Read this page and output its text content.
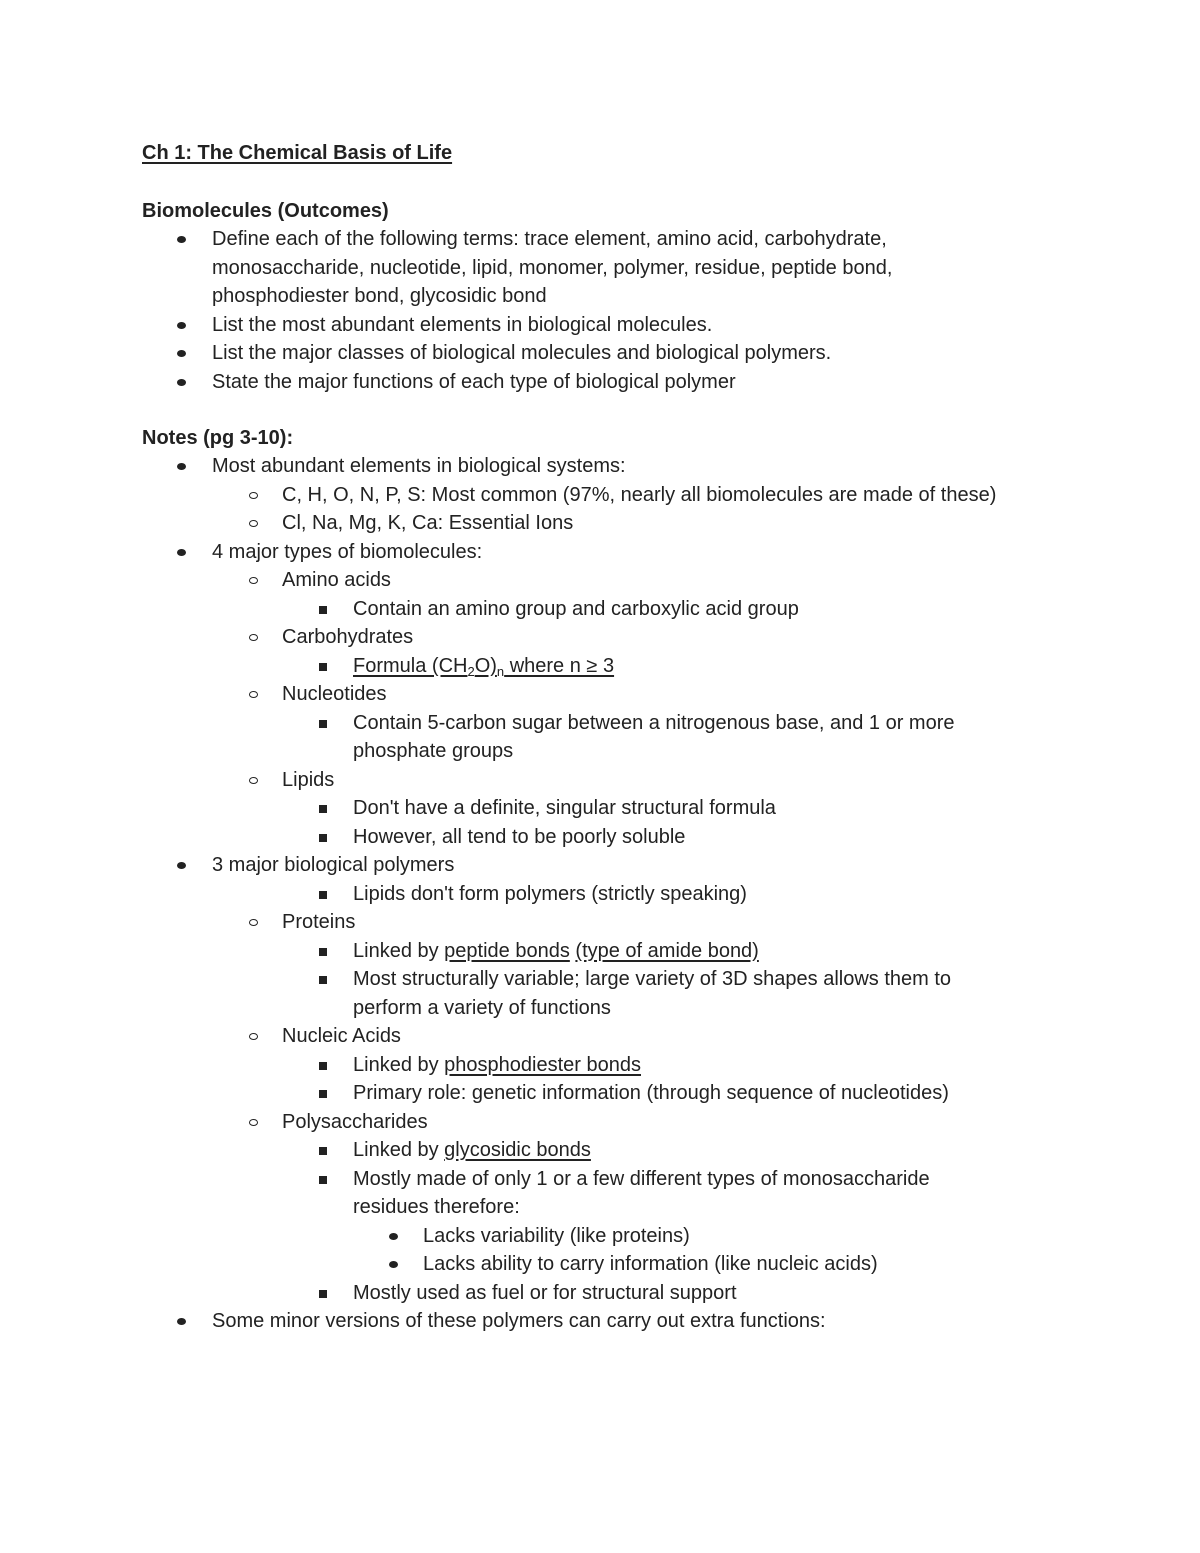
Ch 1: The Chemical Basis of Life
Biomolecules (Outcomes)
Define each of the following terms: trace element, amino acid, carbohydrate,
monosaccharide, nucleotide, lipid, monomer, polymer, residue, peptide bond,
phosphodiester bond, glycosidic bond
List the most abundant elements in biological molecules.
List the major classes of biological molecules and biological polymers.
State the major functions of each type of biological polymer
Notes (pg 3-10):
Most abundant elements in biological systems:
C, H, O, N, P, S: Most common (97%, nearly all biomolecules are made of these)
Cl, Na, Mg, K, Ca: Essential Ions
4 major types of biomolecules:
Amino acids
Contain an amino group and carboxylic acid group
Carbohydrates
Formula $(CH_2O)_n$ where n ≥ 3
Nucleotides
Contain 5-carbon sugar between a nitrogenous base, and 1 or more
phosphate groups
Lipids
Don't have a definite, singular structural formula
However, all tend to be poorly soluble
3 major biological polymers
Lipids don't form polymers (strictly speaking)
Proteins
Linked by peptide bonds (type of amide bond)
Most structurally variable; large variety of 3D shapes allows them to
perform a variety of functions
Nucleic Acids
Linked by phosphodiester bonds
Primary role: genetic information (through sequence of nucleotides)
Polysaccharides
Linked by glycosidic bonds
Mostly made of only 1 or a few different types of monosaccharide
residues therefore:
Lacks variability (like proteins)
Lacks ability to carry information (like nucleic acids)
Mostly used as fuel or for structural support
Some minor versions of these polymers can carry out extra functions:
